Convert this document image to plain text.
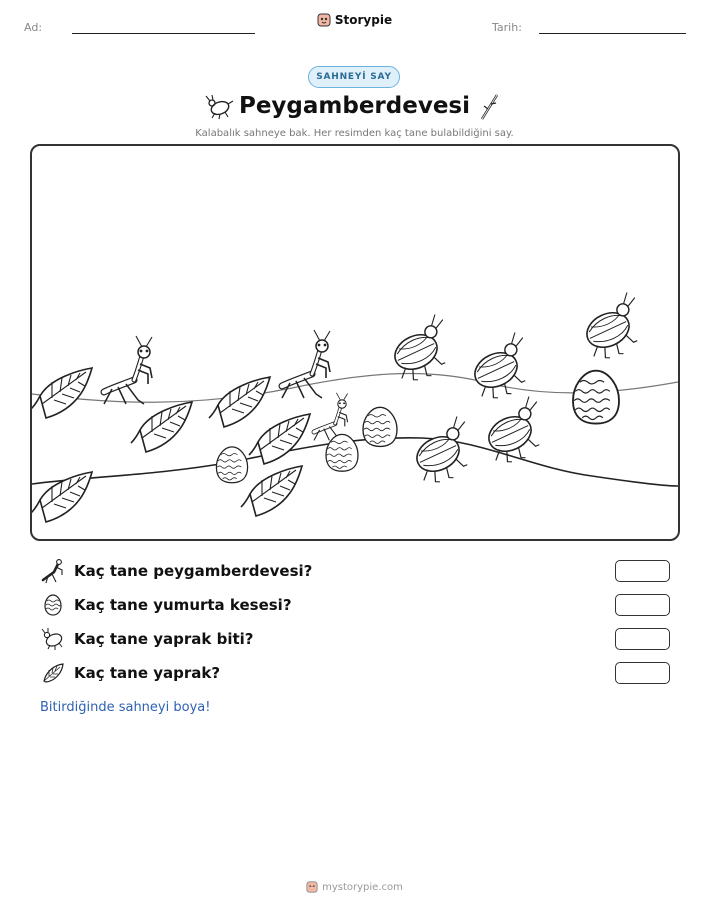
Ad:
Storypie
Tarih:
SAHNEYİ SAY
Peygamberdevesi
Kalabalık sahneye bak. Her resimden kaç tane bulabildiğini say.
Kaç tane peygamberdevesi?
Kaç tane yumurta kesesi?
Kaç tane yaprak biti?
Kaç tane yaprak?
Bitirdiğinde sahneyi boya!
mystorypie.com
